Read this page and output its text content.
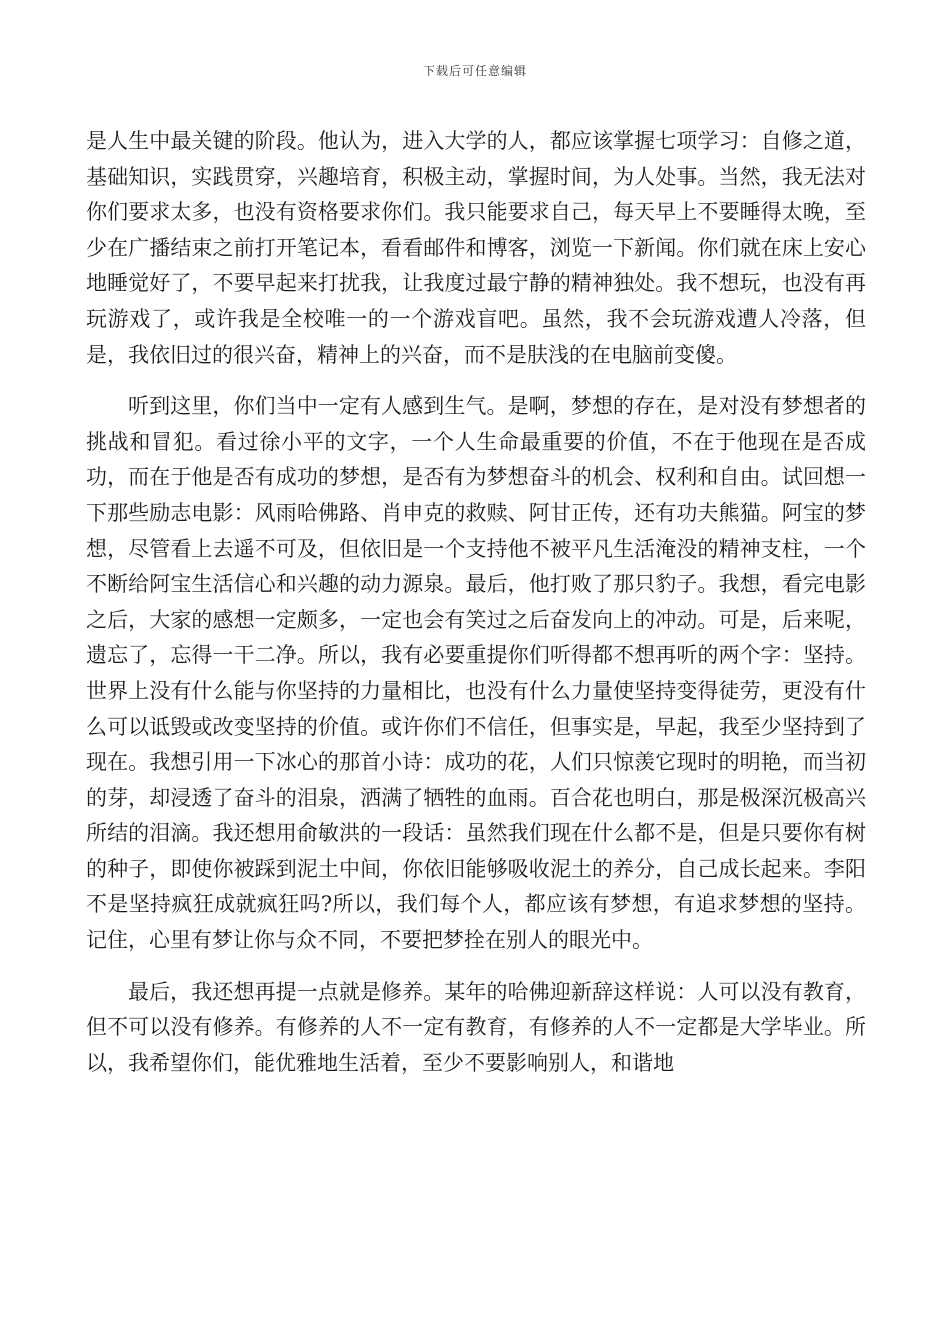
下载后可任意编辑

是人生中最关键的阶段。他认为，进入大学的人，都应该掌握七项学习：自修之道，基础知识，实践贯穿，兴趣培育，积极主动，掌握时间，为人处事。当然，我无法对你们要求太多，也没有资格要求你们。我只能要求自己，每天早上不要睡得太晚，至少在广播结束之前打开笔记本，看看邮件和博客，浏览一下新闻。你们就在床上安心地睡觉好了，不要早起来打扰我，让我度过最宁静的精神独处。我不想玩，也没有再玩游戏了，或许我是全校唯一的一个游戏盲吧。虽然，我不会玩游戏遭人冷落，但是，我依旧过的很兴奋，精神上的兴奋，而不是肤浅的在电脑前变傻。

听到这里，你们当中一定有人感到生气。是啊，梦想的存在，是对没有梦想者的挑战和冒犯。看过徐小平的文字，一个人生命最重要的价值，不在于他现在是否成功，而在于他是否有成功的梦想，是否有为梦想奋斗的机会、权利和自由。试回想一下那些励志电影：风雨哈佛路、肖申克的救赎、阿甘正传，还有功夫熊猫。阿宝的梦想，尽管看上去遥不可及，但依旧是一个支持他不被平凡生活淹没的精神支柱，一个不断给阿宝生活信心和兴趣的动力源泉。最后，他打败了那只豹子。我想，看完电影之后，大家的感想一定颇多，一定也会有笑过之后奋发向上的冲动。可是，后来呢，遗忘了，忘得一干二净。所以，我有必要重提你们听得都不想再听的两个字：坚持。世界上没有什么能与你坚持的力量相比，也没有什么力量使坚持变得徒劳，更没有什么可以诋毁或改变坚持的价值。或许你们不信任，但事实是，早起，我至少坚持到了现在。我想引用一下冰心的那首小诗：成功的花，人们只惊羡它现时的明艳，而当初的芽，却浸透了奋斗的泪泉，洒满了牺牲的血雨。百合花也明白，那是极深沉极高兴所结的泪滴。我还想用俞敏洪的一段话：虽然我们现在什么都不是，但是只要你有树的种子，即使你被踩到泥土中间，你依旧能够吸收泥土的养分，自己成长起来。李阳不是坚持疯狂成就疯狂吗?所以，我们每个人，都应该有梦想，有追求梦想的坚持。记住，心里有梦让你与众不同，不要把梦拴在别人的眼光中。

最后，我还想再提一点就是修养。某年的哈佛迎新辞这样说：人可以没有教育，但不可以没有修养。有修养的人不一定有教育，有修养的人不一定都是大学毕业。所以，我希望你们，能优雅地生活着，至少不要影响别人，和谐地
